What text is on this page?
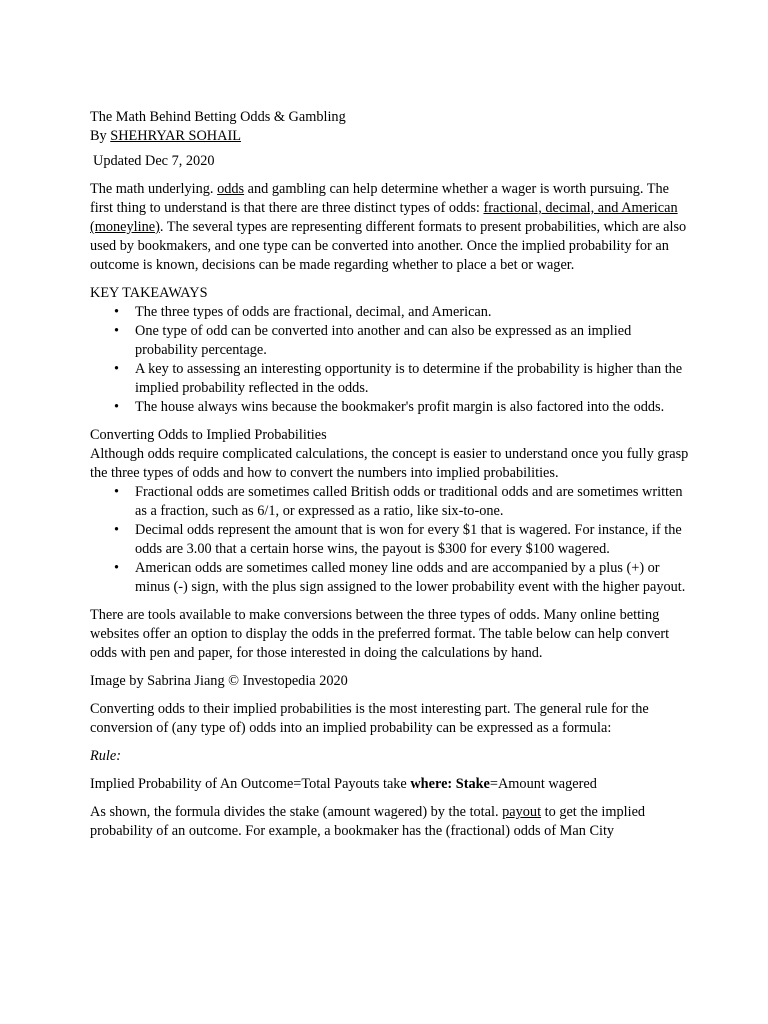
The Math Behind Betting Odds & Gambling

By SHEHRYAR SOHAIL

Updated Dec 7, 2020

The math underlying. odds and gambling can help determine whether a wager is worth pursuing. The first thing to understand is that there are three distinct types of odds: fractional, decimal, and American (moneyline). The several types are representing different formats to present probabilities, which are also used by bookmakers, and one type can be converted into another. Once the implied probability for an outcome is known, decisions can be made regarding whether to place a bet or wager.

KEY TAKEAWAYS

• The three types of odds are fractional, decimal, and American.
• One type of odd can be converted into another and can also be expressed as an implied probability percentage.
• A key to assessing an interesting opportunity is to determine if the probability is higher than the implied probability reflected in the odds.
• The house always wins because the bookmaker's profit margin is also factored into the odds.

Converting Odds to Implied Probabilities

Although odds require complicated calculations, the concept is easier to understand once you fully grasp the three types of odds and how to convert the numbers into implied probabilities.

• Fractional odds are sometimes called British odds or traditional odds and are sometimes written as a fraction, such as 6/1, or expressed as a ratio, like six-to-one.
• Decimal odds represent the amount that is won for every $1 that is wagered. For instance, if the odds are 3.00 that a certain horse wins, the payout is $300 for every $100 wagered.
• American odds are sometimes called money line odds and are accompanied by a plus (+) or minus (-) sign, with the plus sign assigned to the lower probability event with the higher payout.

There are tools available to make conversions between the three types of odds. Many online betting websites offer an option to display the odds in the preferred format. The table below can help convert odds with pen and paper, for those interested in doing the calculations by hand.

Image by Sabrina Jiang © Investopedia 2020

Converting odds to their implied probabilities is the most interesting part. The general rule for the conversion of (any type of) odds into an implied probability can be expressed as a formula:

Rule:

Implied Probability of An Outcome=Total Payouts take where: Stake=Amount wagered

As shown, the formula divides the stake (amount wagered) by the total. payout to get the implied probability of an outcome. For example, a bookmaker has the (fractional) odds of Man City
